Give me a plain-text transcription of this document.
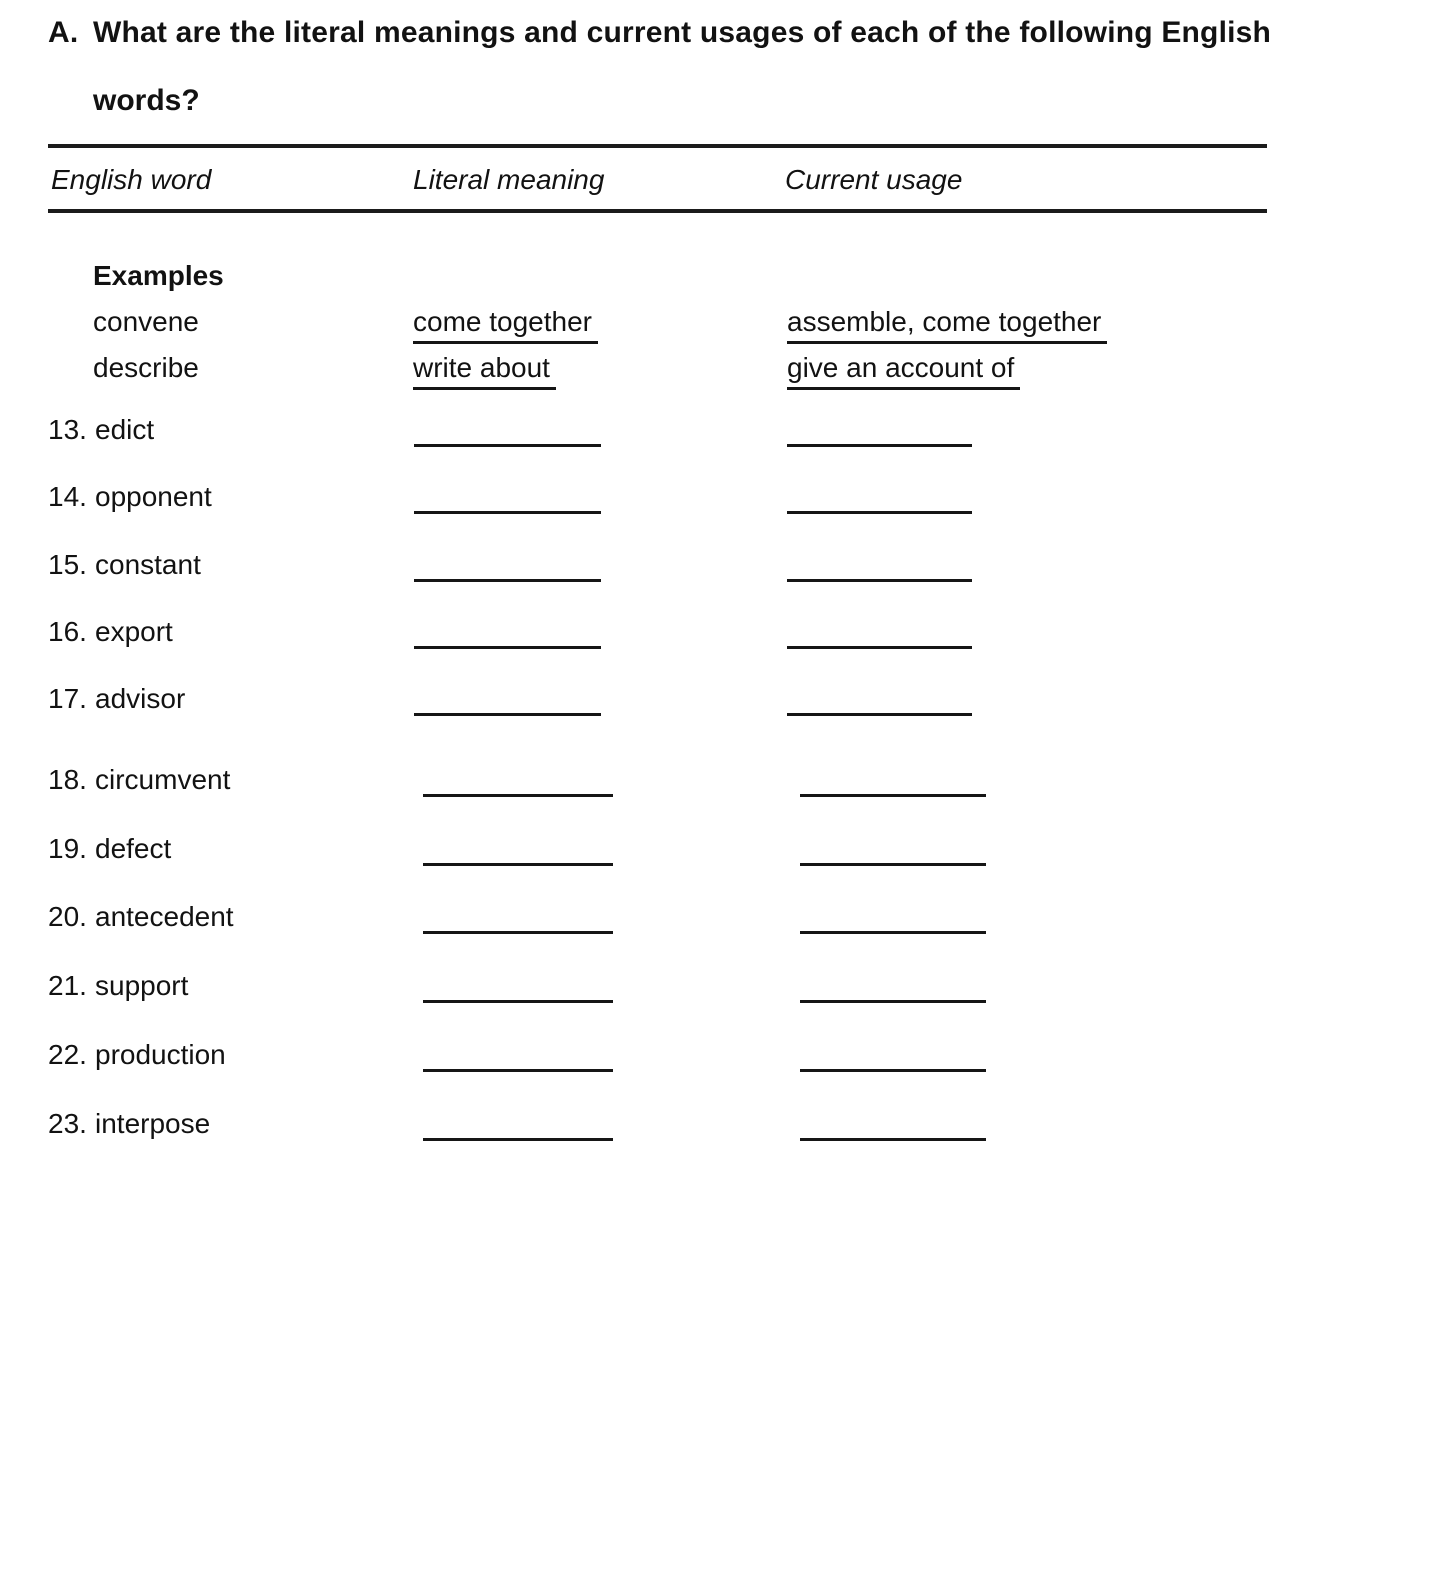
A. What are the literal meanings and current usages of each of the following English
words?
English word	Literal meaning	Current usage
Examples
convene	come together	assemble, come together
describe	write about	give an account of
13. edict
14. opponent
15. constant
16. export
17. advisor
18. circumvent
19. defect
20. antecedent
21. support
22. production
23. interpose
